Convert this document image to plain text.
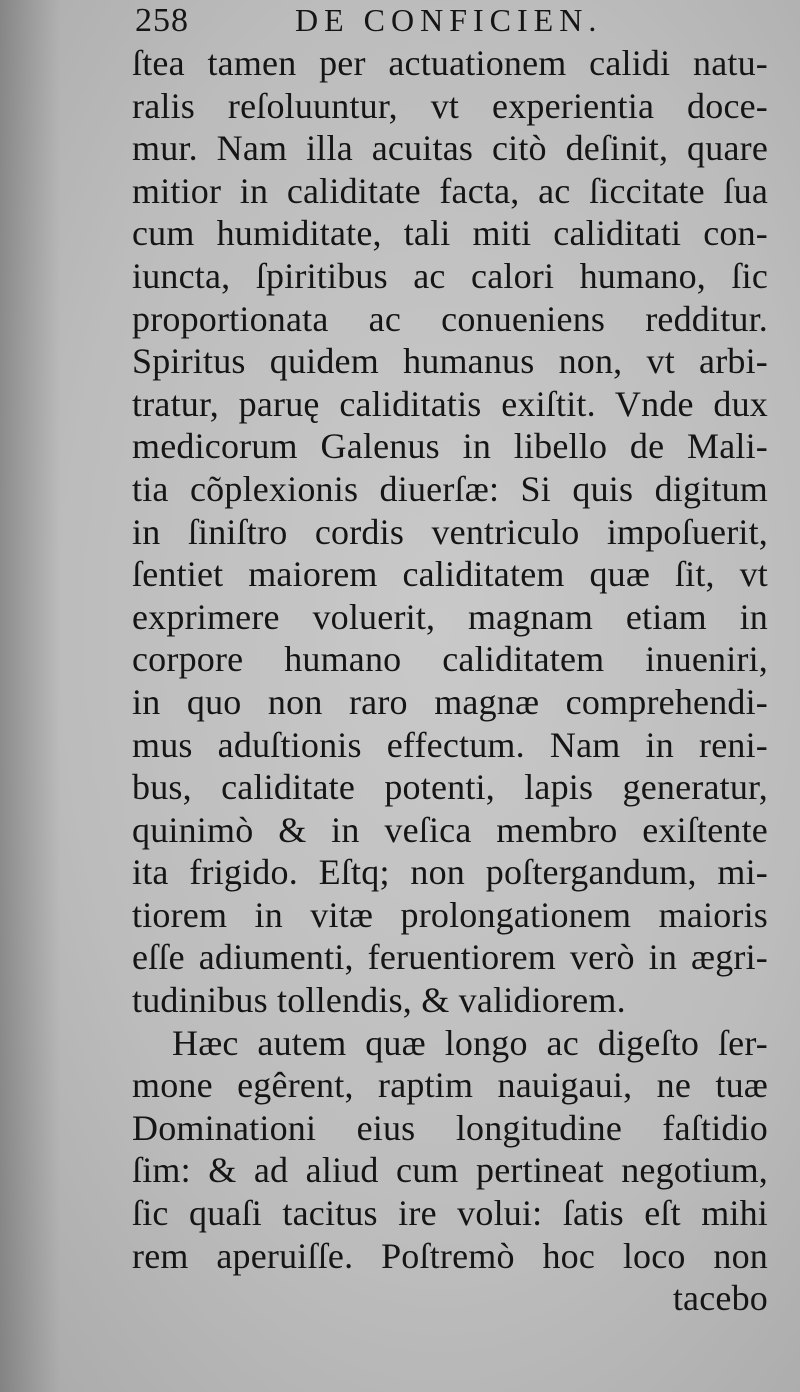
258	DE CONFICIEN.
ſtea tamen per actuationem calidi natu-
ralis reſoluuntur, vt experientia doce-
mur. Nam illa acuitas citò deſinit, quare
mitior in caliditate facta, ac ſiccitate ſua
cum humiditate, tali miti caliditati con-
iuncta, ſpiritibus ac calori humano, ſic
proportionata ac conueniens redditur.
Spiritus quidem humanus non, vt arbi-
tratur, paruę caliditatis exiſtit. Vnde dux
medicorum Galenus in libello de Mali-
tia cõplexionis diuerſæ: Si quis digitum
in ſiniſtro cordis ventriculo impoſuerit,
ſentiet maiorem caliditatem quæ ſit, vt
exprimere voluerit, magnam etiam in
corpore humano caliditatem inueniri,
in quo non raro magnæ comprehendi-
mus aduſtionis effectum. Nam in reni-
bus, caliditate potenti, lapis generatur,
quinimò & in veſica membro exiſtente
ita frigido. Eſtq; non poſtergandum, mi-
tiorem in vitæ prolongationem maioris
eſſe adiumenti, feruentiorem verò in ægri-
tudinibus tollendis, & validiorem.
Hæc autem quæ longo ac digeſto ſer-
mone egêrent, raptim nauigaui, ne tuæ
Dominationi eius longitudine faſtidio
ſim: & ad aliud cum pertineat negotium,
ſic quaſi tacitus ire volui: ſatis eſt mihi
rem aperuiſſe. Poſtremò hoc loco non
tacebo
